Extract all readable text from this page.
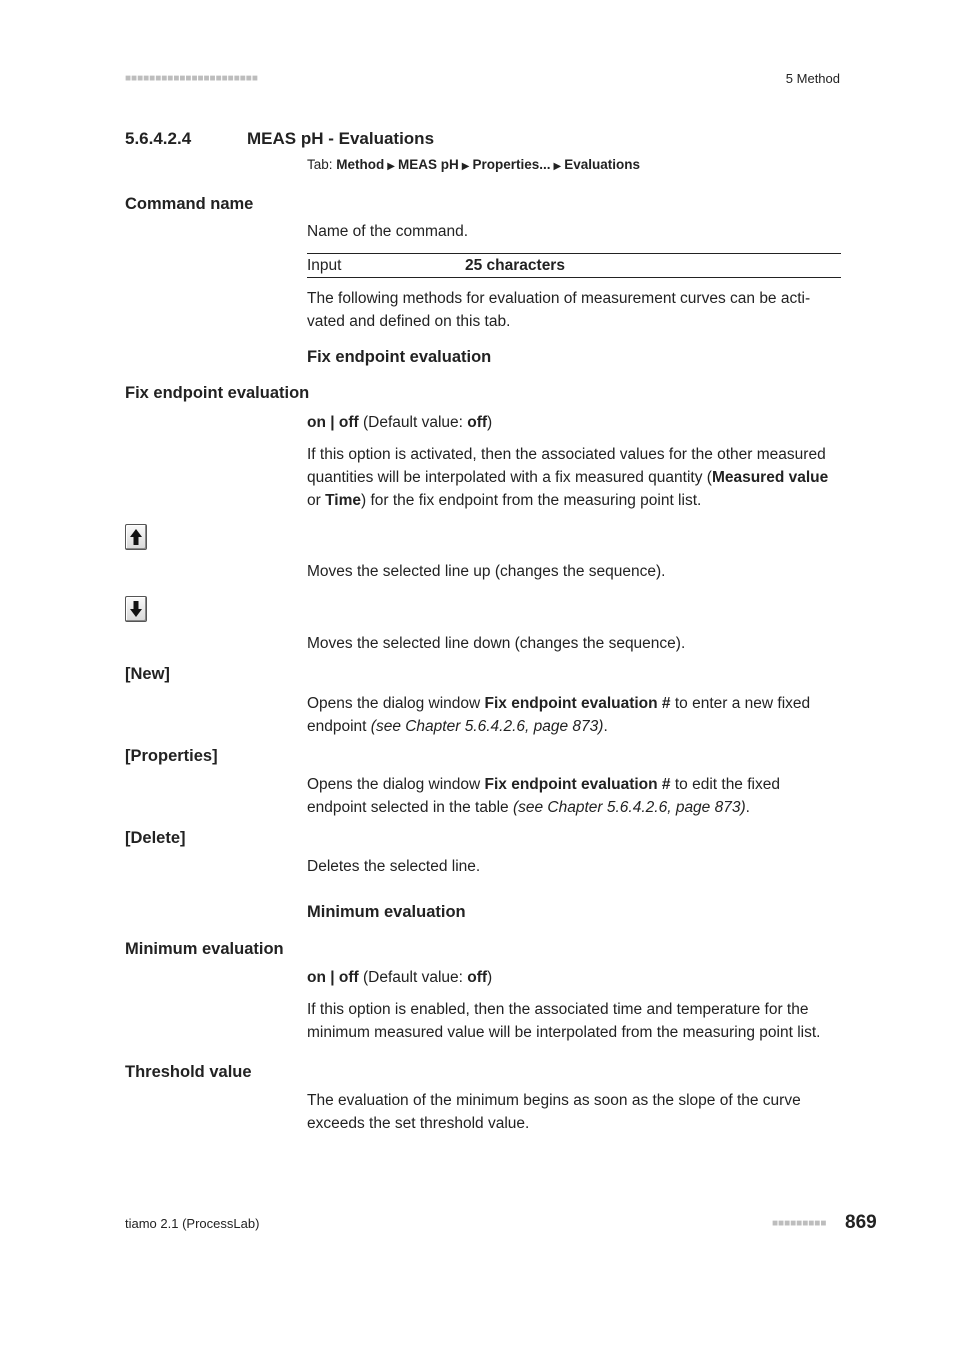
■■■■■■■■■■■■■■■■■■■■■■	5 Method
5.6.4.2.4	MEAS pH - Evaluations
Tab: Method ▶ MEAS pH ▶ Properties... ▶ Evaluations
Command name
Name of the command.
Input	25 characters
The following methods for evaluation of measurement curves can be acti-vated and defined on this tab.
Fix endpoint evaluation
Fix endpoint evaluation
on | off (Default value: off)
If this option is activated, then the associated values for the other measured quantities will be interpolated with a fix measured quantity (Measured value or Time) for the fix endpoint from the measuring point list.
Moves the selected line up (changes the sequence).
Moves the selected line down (changes the sequence).
[New]
Opens the dialog window Fix endpoint evaluation # to enter a new fixed endpoint (see Chapter 5.6.4.2.6, page 873).
[Properties]
Opens the dialog window Fix endpoint evaluation # to edit the fixed endpoint selected in the table (see Chapter 5.6.4.2.6, page 873).
[Delete]
Deletes the selected line.
Minimum evaluation
Minimum evaluation
on | off (Default value: off)
If this option is enabled, then the associated time and temperature for the minimum measured value will be interpolated from the measuring point list.
Threshold value
The evaluation of the minimum begins as soon as the slope of the curve exceeds the set threshold value.
tiamo 2.1 (ProcessLab)	■■■■■■■■■ 869
